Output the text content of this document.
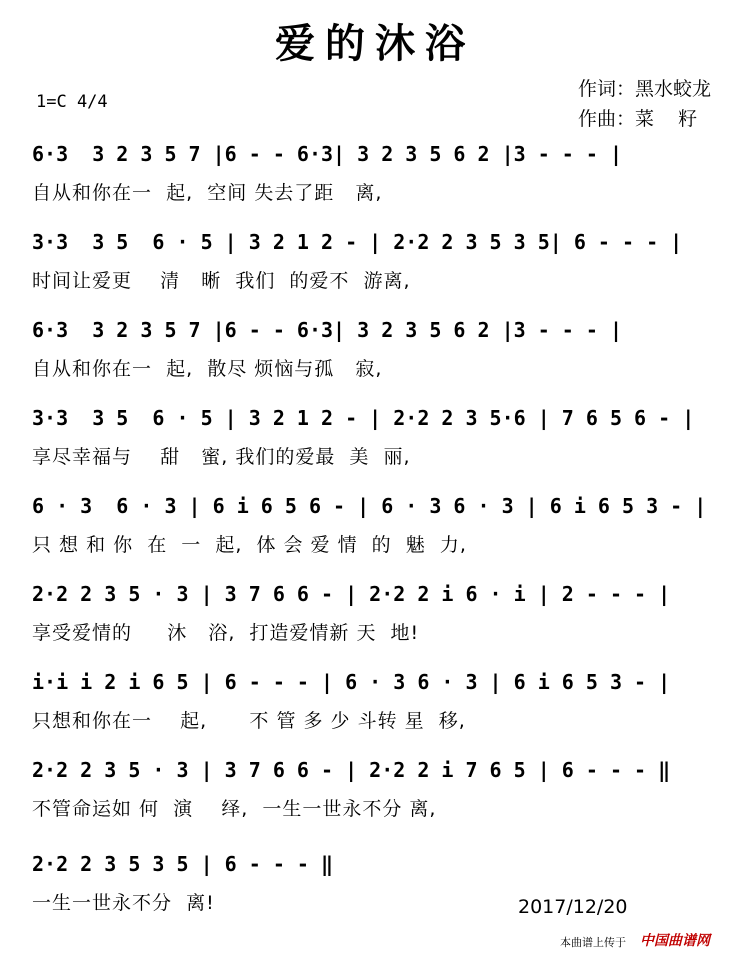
爱的沐浴
1=C 4/4
作词：黑水蛟龙
作曲：菜    籽
6·3  3 2 3 5 7 |6 - - 6·3| 3 2 3 5 6 2 |3 - - - |
自从和你在一  起,  空间 失去了距   离,
3·3  3 5  6 · 5 | 3 2 1 2 - | 2·2 2 3 5 3 5| 6 - - - |
时间让爱更    清   晰  我们  的爱不  游离,
6·3  3 2 3 5 7 |6 - - 6·3| 3 2 3 5 6 2 |3 - - - |
自从和你在一  起,  散尽 烦恼与孤   寂,
3·3  3 5  6 · 5 | 3 2 1 2 - | 2·2 2 3 5·6 | 7 6 5 6 - |
享尽幸福与    甜   蜜, 我们的爱最  美  丽,
6 · 3  6 · 3 | 6 i 6 5 6 - | 6 · 3 6 · 3 | 6 i 6 5 3 - |
只 想 和 你  在  一  起,  体 会 爱 情  的  魅  力,
2·2 2 3 5 · 3 | 3 7 6 6 - | 2·2 2 i 6 · i | 2 - - - |
享受爱情的     沐   浴,  打造爱情新 天  地!
i·i i 2 i 6 5 | 6 - - - | 6 · 3 6 · 3 | 6 i 6 5 3 - |
只想和你在一    起,      不 管 多 少 斗转 星  移,
2·2 2 3 5 · 3 | 3 7 6 6 - | 2·2 2 i 7 6 5 | 6 - - - ‖
不管命运如 何  演    绎,  一生一世永不分 离,
2·2 2 3 5 3 5 | 6 - - - ‖
一生一世永不分  离!	2017/12/20
本曲谱上传于 中国曲谱网
